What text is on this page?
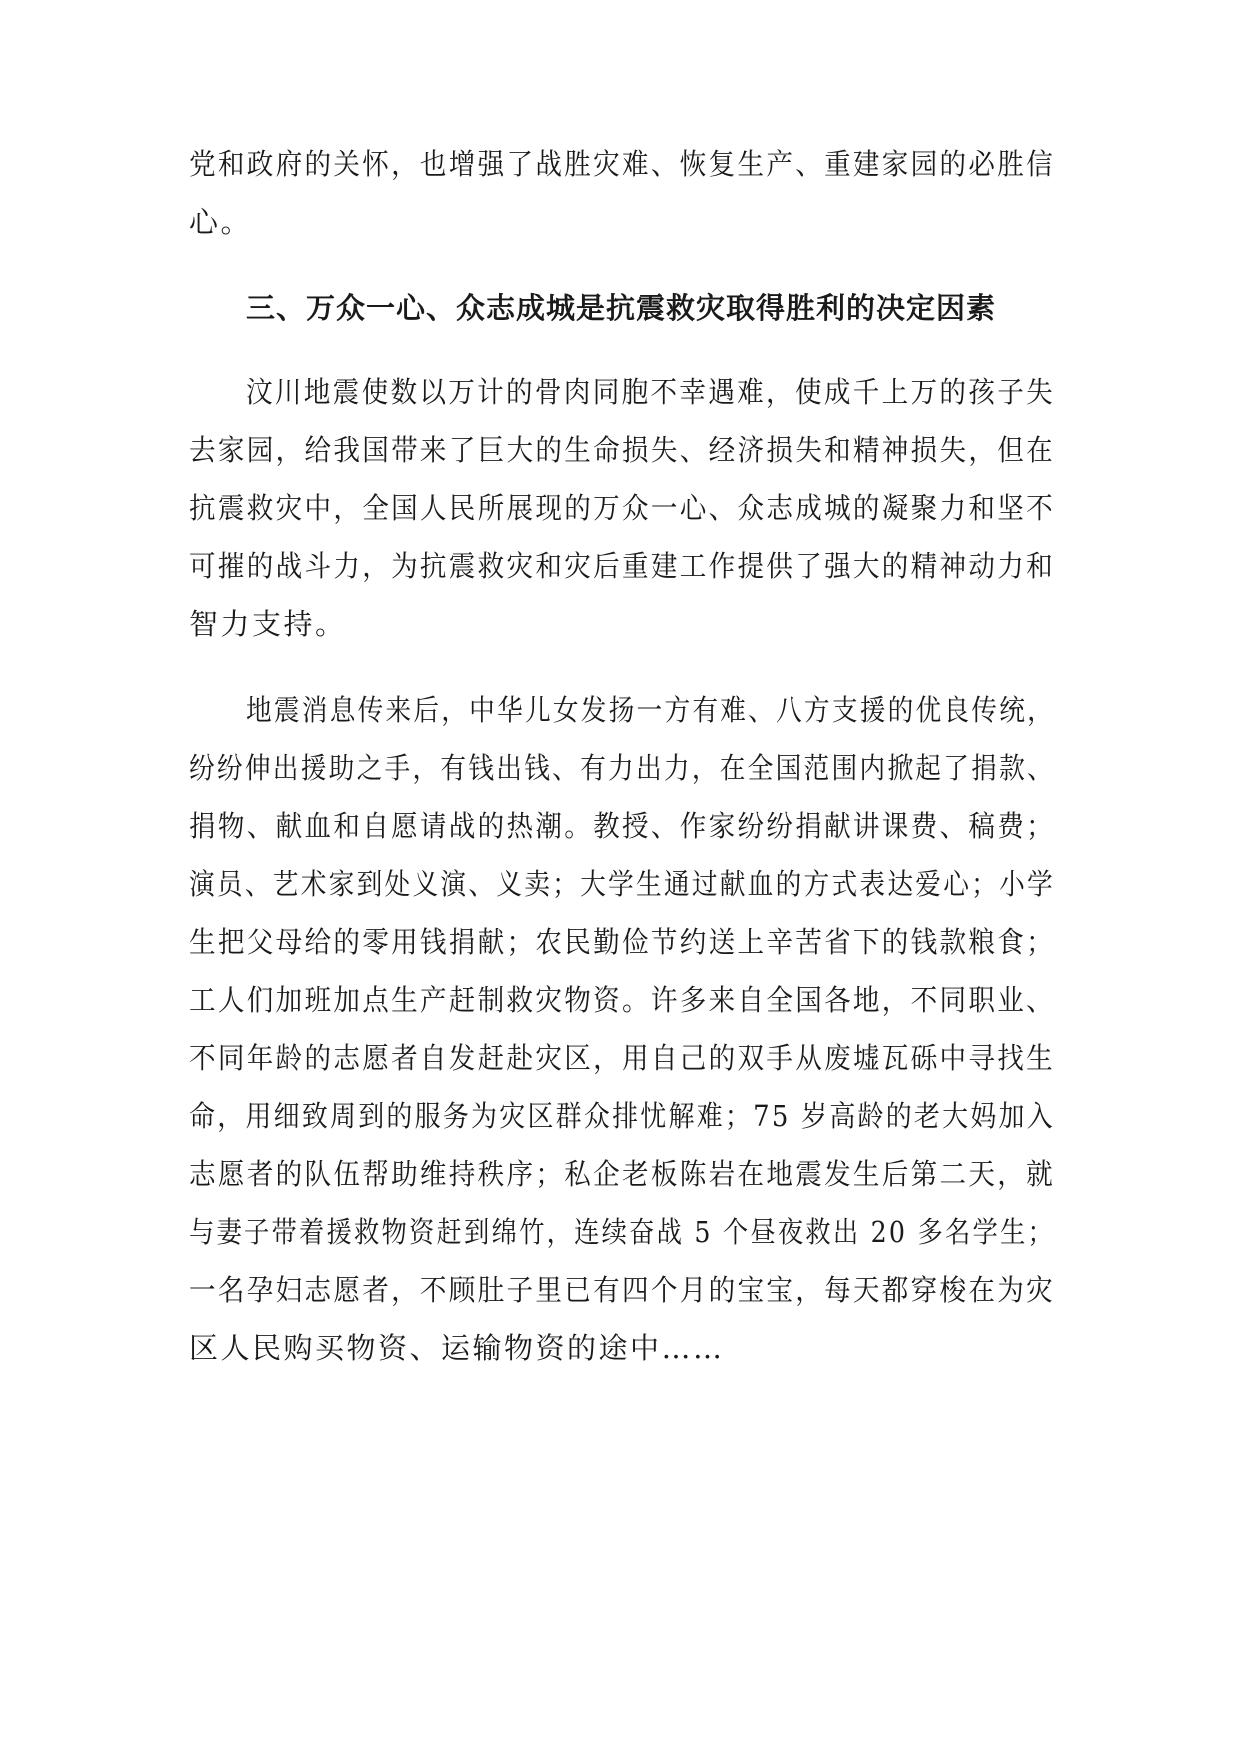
党和政府的关怀，也增强了战胜灾难、恢复生产、重建家园的必胜信
心。
三、万众一心、众志成城是抗震救灾取得胜利的决定因素
汶川地震使数以万计的骨肉同胞不幸遇难，使成千上万的孩子失
去家园，给我国带来了巨大的生命损失、经济损失和精神损失，但在
抗震救灾中，全国人民所展现的万众一心、众志成城的凝聚力和坚不
可摧的战斗力，为抗震救灾和灾后重建工作提供了强大的精神动力和
智力支持。
地震消息传来后，中华儿女发扬一方有难、八方支援的优良传统，
纷纷伸出援助之手，有钱出钱、有力出力，在全国范围内掀起了捐款、
捐物、献血和自愿请战的热潮。教授、作家纷纷捐献讲课费、稿费；
演员、艺术家到处义演、义卖；大学生通过献血的方式表达爱心；小学
生把父母给的零用钱捐献；农民勤俭节约送上辛苦省下的钱款粮食；
工人们加班加点生产赶制救灾物资。许多来自全国各地，不同职业、
不同年龄的志愿者自发赶赴灾区，用自己的双手从废墟瓦砾中寻找生
命，用细致周到的服务为灾区群众排忧解难；75 岁高龄的老大妈加入
志愿者的队伍帮助维持秩序；私企老板陈岩在地震发生后第二天，就
与妻子带着援救物资赶到绵竹，连续奋战 5 个昼夜救出 20 多名学生；
一名孕妇志愿者，不顾肚子里已有四个月的宝宝，每天都穿梭在为灾
区人民购买物资、运输物资的途中……
